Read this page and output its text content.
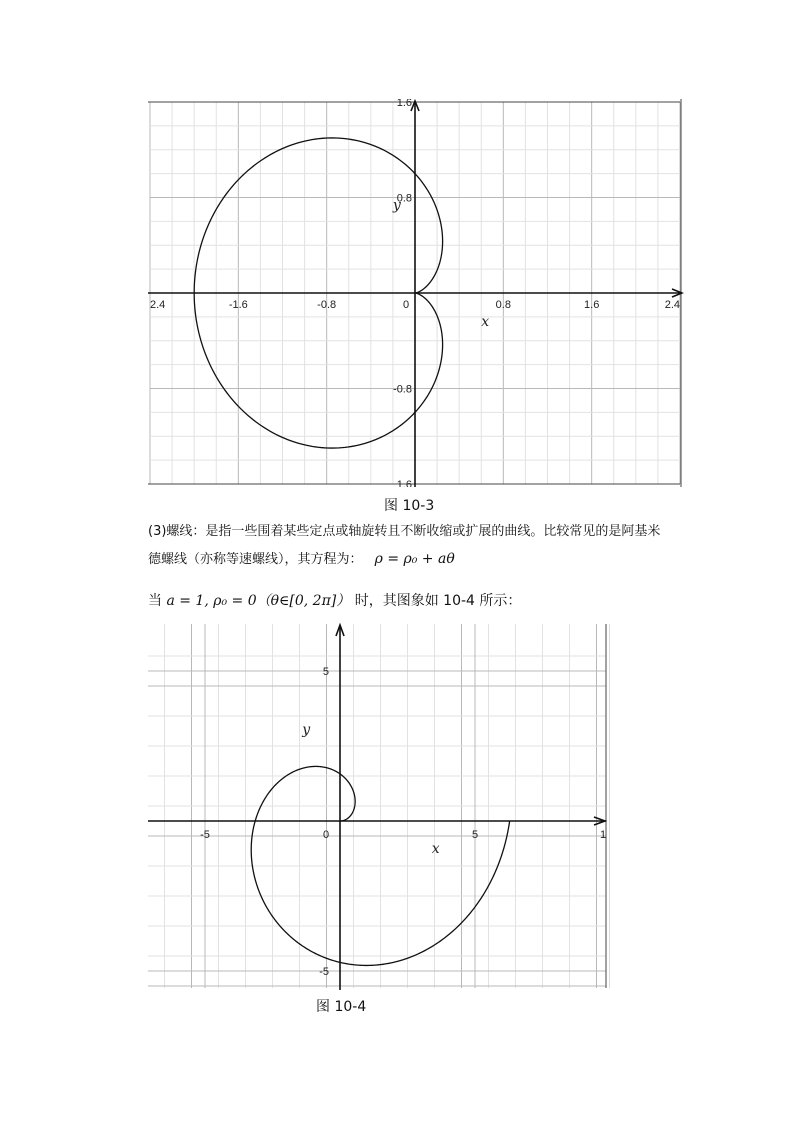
2.4	-1.6	-0.8	0	0.8	1.6	2.4
1.6
0.8
-0.8
1.6
x
y
图 10-3
(3)螺线：是指一些围着某些定点或轴旋转且不断收缩或扩展的曲线。比较常见的是阿基米
德螺线（亦称等速螺线），其方程为： ρ = ρ₀ + aθ
当 a = 1, ρ₀ = 0（θ∈[0, 2π]） 时，其图象如 10-4 所示：
-5	0	5	1
5
-5
x
y
图 10-4
